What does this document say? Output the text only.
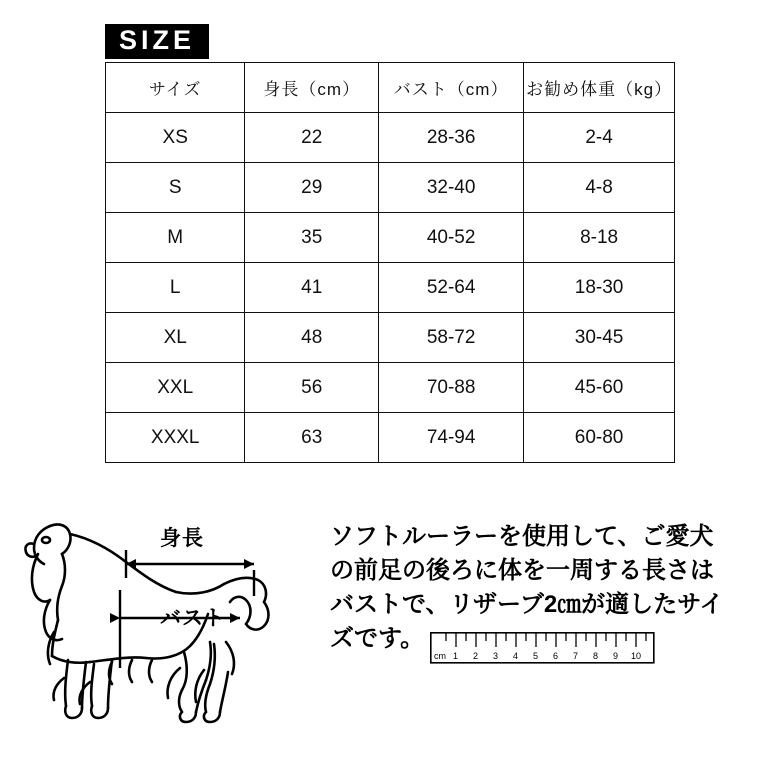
SIZE
サイズ	身長（cm）	バスト（cm）	お勧め体重（kg）
XS	22	28-36	2-4
S	29	32-40	4-8
M	35	40-52	8-18
L	41	52-64	18-30
XL	48	58-72	30-45
XXL	56	70-88	45-60
XXXL	63	74-94	60-80
身長
バスト
ソフトルーラーを使用して、ご愛犬
の前足の後ろに体を一周する長さは
バストで、リザーブ2㎝が適したサイ
ズです。
cm 1 2 3 4 5 6 7 8 9 10
